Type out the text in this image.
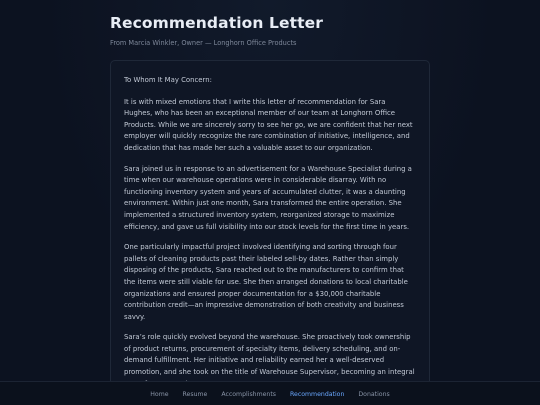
Recommendation Letter
From Marcia Winkler, Owner — Longhorn Office Products

To Whom It May Concern:

It is with mixed emotions that I write this letter of recommendation for Sara Hughes, who has been an exceptional member of our team at Longhorn Office Products. While we are sincerely sorry to see her go, we are confident that her next employer will quickly recognize the rare combination of initiative, intelligence, and dedication that has made her such a valuable asset to our organization.

Sara joined us in response to an advertisement for a Warehouse Specialist during a time when our warehouse operations were in considerable disarray. With no functioning inventory system and years of accumulated clutter, it was a daunting environment. Within just one month, Sara transformed the entire operation. She implemented a structured inventory system, reorganized storage to maximize efficiency, and gave us full visibility into our stock levels for the first time in years.

One particularly impactful project involved identifying and sorting through four pallets of cleaning products past their labeled sell-by dates. Rather than simply disposing of the products, Sara reached out to the manufacturers to confirm that the items were still viable for use. She then arranged donations to local charitable organizations and ensured proper documentation for a $30,000 charitable contribution credit—an impressive demonstration of both creativity and business savvy.

Sara’s role quickly evolved beyond the warehouse. She proactively took ownership of product returns, procurement of specialty items, delivery scheduling, and on-demand fulfillment. Her initiative and reliability earned her a well-deserved promotion, and she took on the title of Warehouse Supervisor, becoming an integral

Home Resume Accomplishments Recommendation Donations
